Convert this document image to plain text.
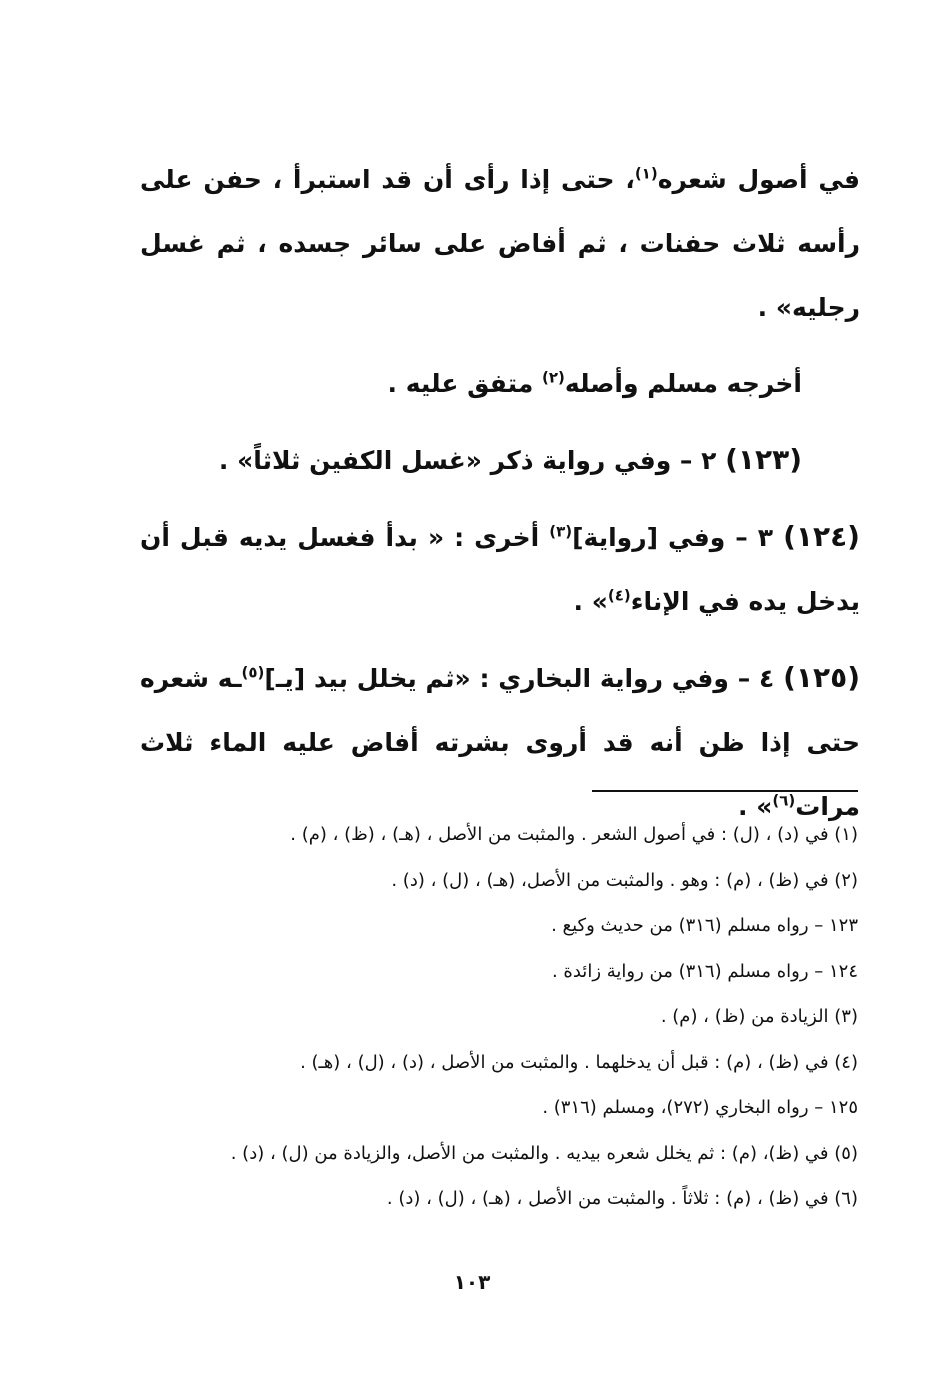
في أصول شعره$^{(١)}$، حتى إذا رأى أن قد استبرأ ، حفن على رأسه ثلاث حفنات ، ثم أفاض على سائر جسده ، ثم غسل رجليه» .

أخرجه مسلم وأصله$^{(٢)}$ متفق عليه .

(١٢٣) ٢ – وفي رواية ذكر «غسل الكفين ثلاثاً» .

(١٢٤) ٣ – وفي [رواية]$^{(٣)}$ أخرى : « بدأ فغسل يديه قبل أن يدخل يده في الإناء$^{(٤)}$» .

(١٢٥) ٤ – وفي رواية البخاري : «ثم يخلل بيد [يـ]$^{(٥)}$ـه شعره حتى إذا ظن أنه قد أروى بشرته أفاض عليه الماء ثلاث مرات$^{(٦)}$» .

(١) في (د) ، (ل) : في أصول الشعر . والمثبت من الأصل ، (هـ) ، (ظ) ، (م) .

(٢) في (ظ) ، (م) : وهو . والمثبت من الأصل، (هـ) ، (ل) ، (د) .

١٢٣ – رواه مسلم (٣١٦) من حديث وكيع .

١٢٤ – رواه مسلم (٣١٦) من رواية زائدة .

(٣) الزيادة من (ظ) ، (م) .

(٤) في (ظ) ، (م) : قبل أن يدخلهما . والمثبت من الأصل ، (د) ، (ل) ، (هـ) .

١٢٥ – رواه البخاري (٢٧٢)، ومسلم (٣١٦) .

(٥) في (ظ)، (م) : ثم يخلل شعره بيديه . والمثبت من الأصل، والزيادة من (ل) ، (د) .

(٦) في (ظ) ، (م) : ثلاثاً . والمثبت من الأصل ، (هـ) ، (ل) ، (د) .

١٠٣
